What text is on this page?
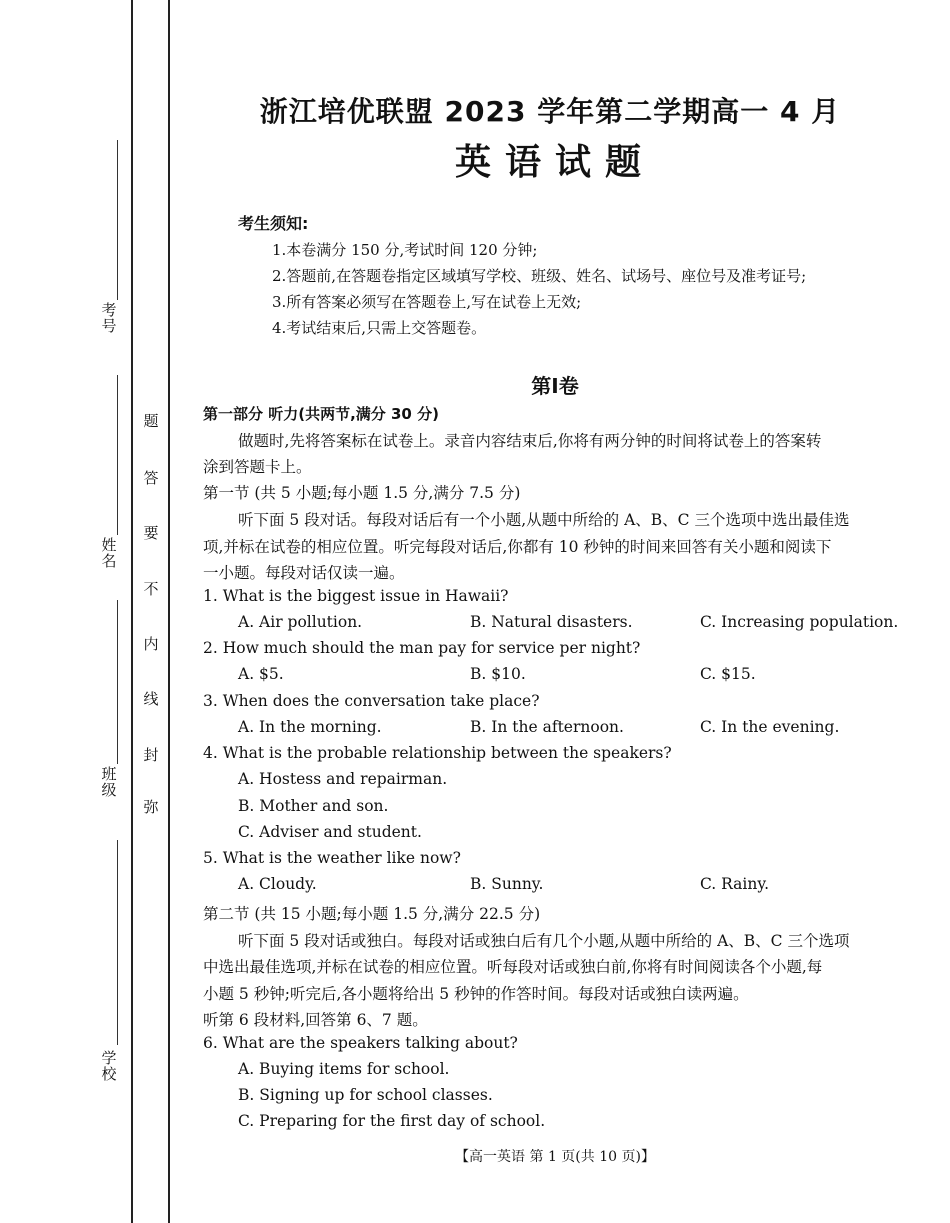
考号
姓名
班级
学校
题
答
要
不
内
线
封
弥
浙江培优联盟 2023 学年第二学期高一 4 月
英语试题
考生须知:
1.本卷满分 150 分,考试时间 120 分钟;
2.答题前,在答题卷指定区域填写学校、班级、姓名、试场号、座位号及准考证号;
3.所有答案必须写在答题卷上,写在试卷上无效;
4.考试结束后,只需上交答题卷。
第Ⅰ卷
第一部分 听力(共两节,满分 30 分)
做题时,先将答案标在试卷上。录音内容结束后,你将有两分钟的时间将试卷上的答案转
涂到答题卡上。
第一节 (共 5 小题;每小题 1.5 分,满分 7.5 分)
听下面 5 段对话。每段对话后有一个小题,从题中所给的 A、B、C 三个选项中选出最佳选
项,并标在试卷的相应位置。听完每段对话后,你都有 10 秒钟的时间来回答有关小题和阅读下
一小题。每段对话仅读一遍。
1. What is the biggest issue in Hawaii?
A. Air pollution.	B. Natural disasters.	C. Increasing population.
2. How much should the man pay for service per night?
A. $5.	B. $10.	C. $15.
3. When does the conversation take place?
A. In the morning.	B. In the afternoon.	C. In the evening.
4. What is the probable relationship between the speakers?
A. Hostess and repairman.
B. Mother and son.
C. Adviser and student.
5. What is the weather like now?
A. Cloudy.	B. Sunny.	C. Rainy.
第二节 (共 15 小题;每小题 1.5 分,满分 22.5 分)
听下面 5 段对话或独白。每段对话或独白后有几个小题,从题中所给的 A、B、C 三个选项
中选出最佳选项,并标在试卷的相应位置。听每段对话或独白前,你将有时间阅读各个小题,每
小题 5 秒钟;听完后,各小题将给出 5 秒钟的作答时间。每段对话或独白读两遍。
听第 6 段材料,回答第 6、7 题。
6. What are the speakers talking about?
A. Buying items for school.
B. Signing up for school classes.
C. Preparing for the first day of school.
【高一英语 第 1 页(共 10 页)】
